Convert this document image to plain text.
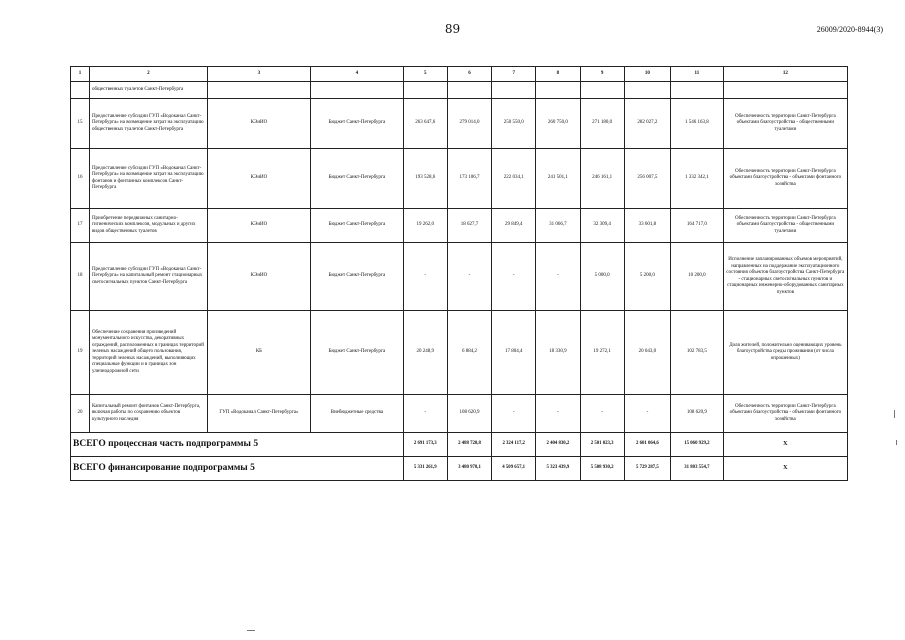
89	26009/2020-8944(3)
1	2	3	4	5	6	7	8	9	10	11	12
	общественных туалетов Санкт-Петербурга										
15	Предоставление субсидии ГУП «Водоканал Санкт-Петербурга» на возмещение затрат на эксплуатацию общественных туалетов Санкт-Петербурга	КЭиИО	Бюджет Санкт-Петербурга	263 647,6	279 014,0	250 550,0	260 750,0	271 180,0	282 027,2	1 546 163,8	Обеспеченность территории Санкт-Петербурга объектами благоустройства - общественными туалетами
16	Предоставление субсидии ГУП «Водоканал Санкт-Петербурга» на возмещение затрат на эксплуатацию фонтанов и фонтанных комплексов Санкт-Петербурга	КЭиИО	Бюджет Санкт-Петербурга	193 528,6	173 106,7	222 034,1	241 501,1	246 161,1	256 007,5	1 332 342,1	Обеспеченность территории Санкт-Петербурга объектами благоустройства - объектами фонтанного хозяйства
17	Приобретение передвижных санитарно-гигиенических комплексов, модульных и других видов общественных туалетов	КЭиИО	Бюджет Санкт-Петербурга	19 262,0	18 627,7	29 849,4	31 066,7	32 309,4	33 601,8	164 717,0	Обеспеченность территории Санкт-Петербурга объектами благоустройства - общественными туалетами
18	Предоставление субсидии ГУП «Водоканал Санкт-Петербурга» на капитальный ремонт стационарных светосигнальных пунктов Санкт-Петербурга	КЭиИО	Бюджет Санкт-Петербурга	-	-	-	-	5 000,0	5 200,0	10 200,0	Исполнение запланированных объемов мероприятий, направленных на поддержание эксплуатационного состояния объектов благоустройства Санкт-Петербурга - стационарных светосигнальных пунктов и стационарных инженерно-оборудованных санитарных пунктов
19	Обеспечение сохранения произведений монументального искусства, декоративных ограждений, расположенных в границах территорий зеленых насаждений общего пользования, территорий зеленых насаждений, выполняющих специальные функции и в границах зон уличнодорожной сети	КБ	Бюджет Санкт-Петербурга	20 248,9	6 884,2	17 804,4	18 330,9	19 272,1	20 043,0	102 783,5	Доля жителей, положительно оценивающих уровень благоустройства среды проживания (от числа опрошенных)
20	Капитальный ремонт фонтанов Санкт-Петербурга, включая работы по сохранению объектов культурного наследия	ГУП «Водоканал Санкт-Петербурга»	Внебюджетные средства	-	108 620,9	-	-	-	-	108 620,9	Обеспеченность территории Санкт-Петербурга объектами благоустройства - объектами фонтанного хозяйства
ВСЕГО процессная часть подпрограммы 5				2 691 173,3	2 488 720,8	2 324 117,2	2 404 830,2	2 501 023,3	2 601 064,6	15 060 929,2	Х
ВСЕГО финансирование подпрограммы 5				5 331 261,9	3 480 978,1	4 509 657,1	5 323 439,9	5 508 930,2	5 729 287,5	31 803 554,7	Х
